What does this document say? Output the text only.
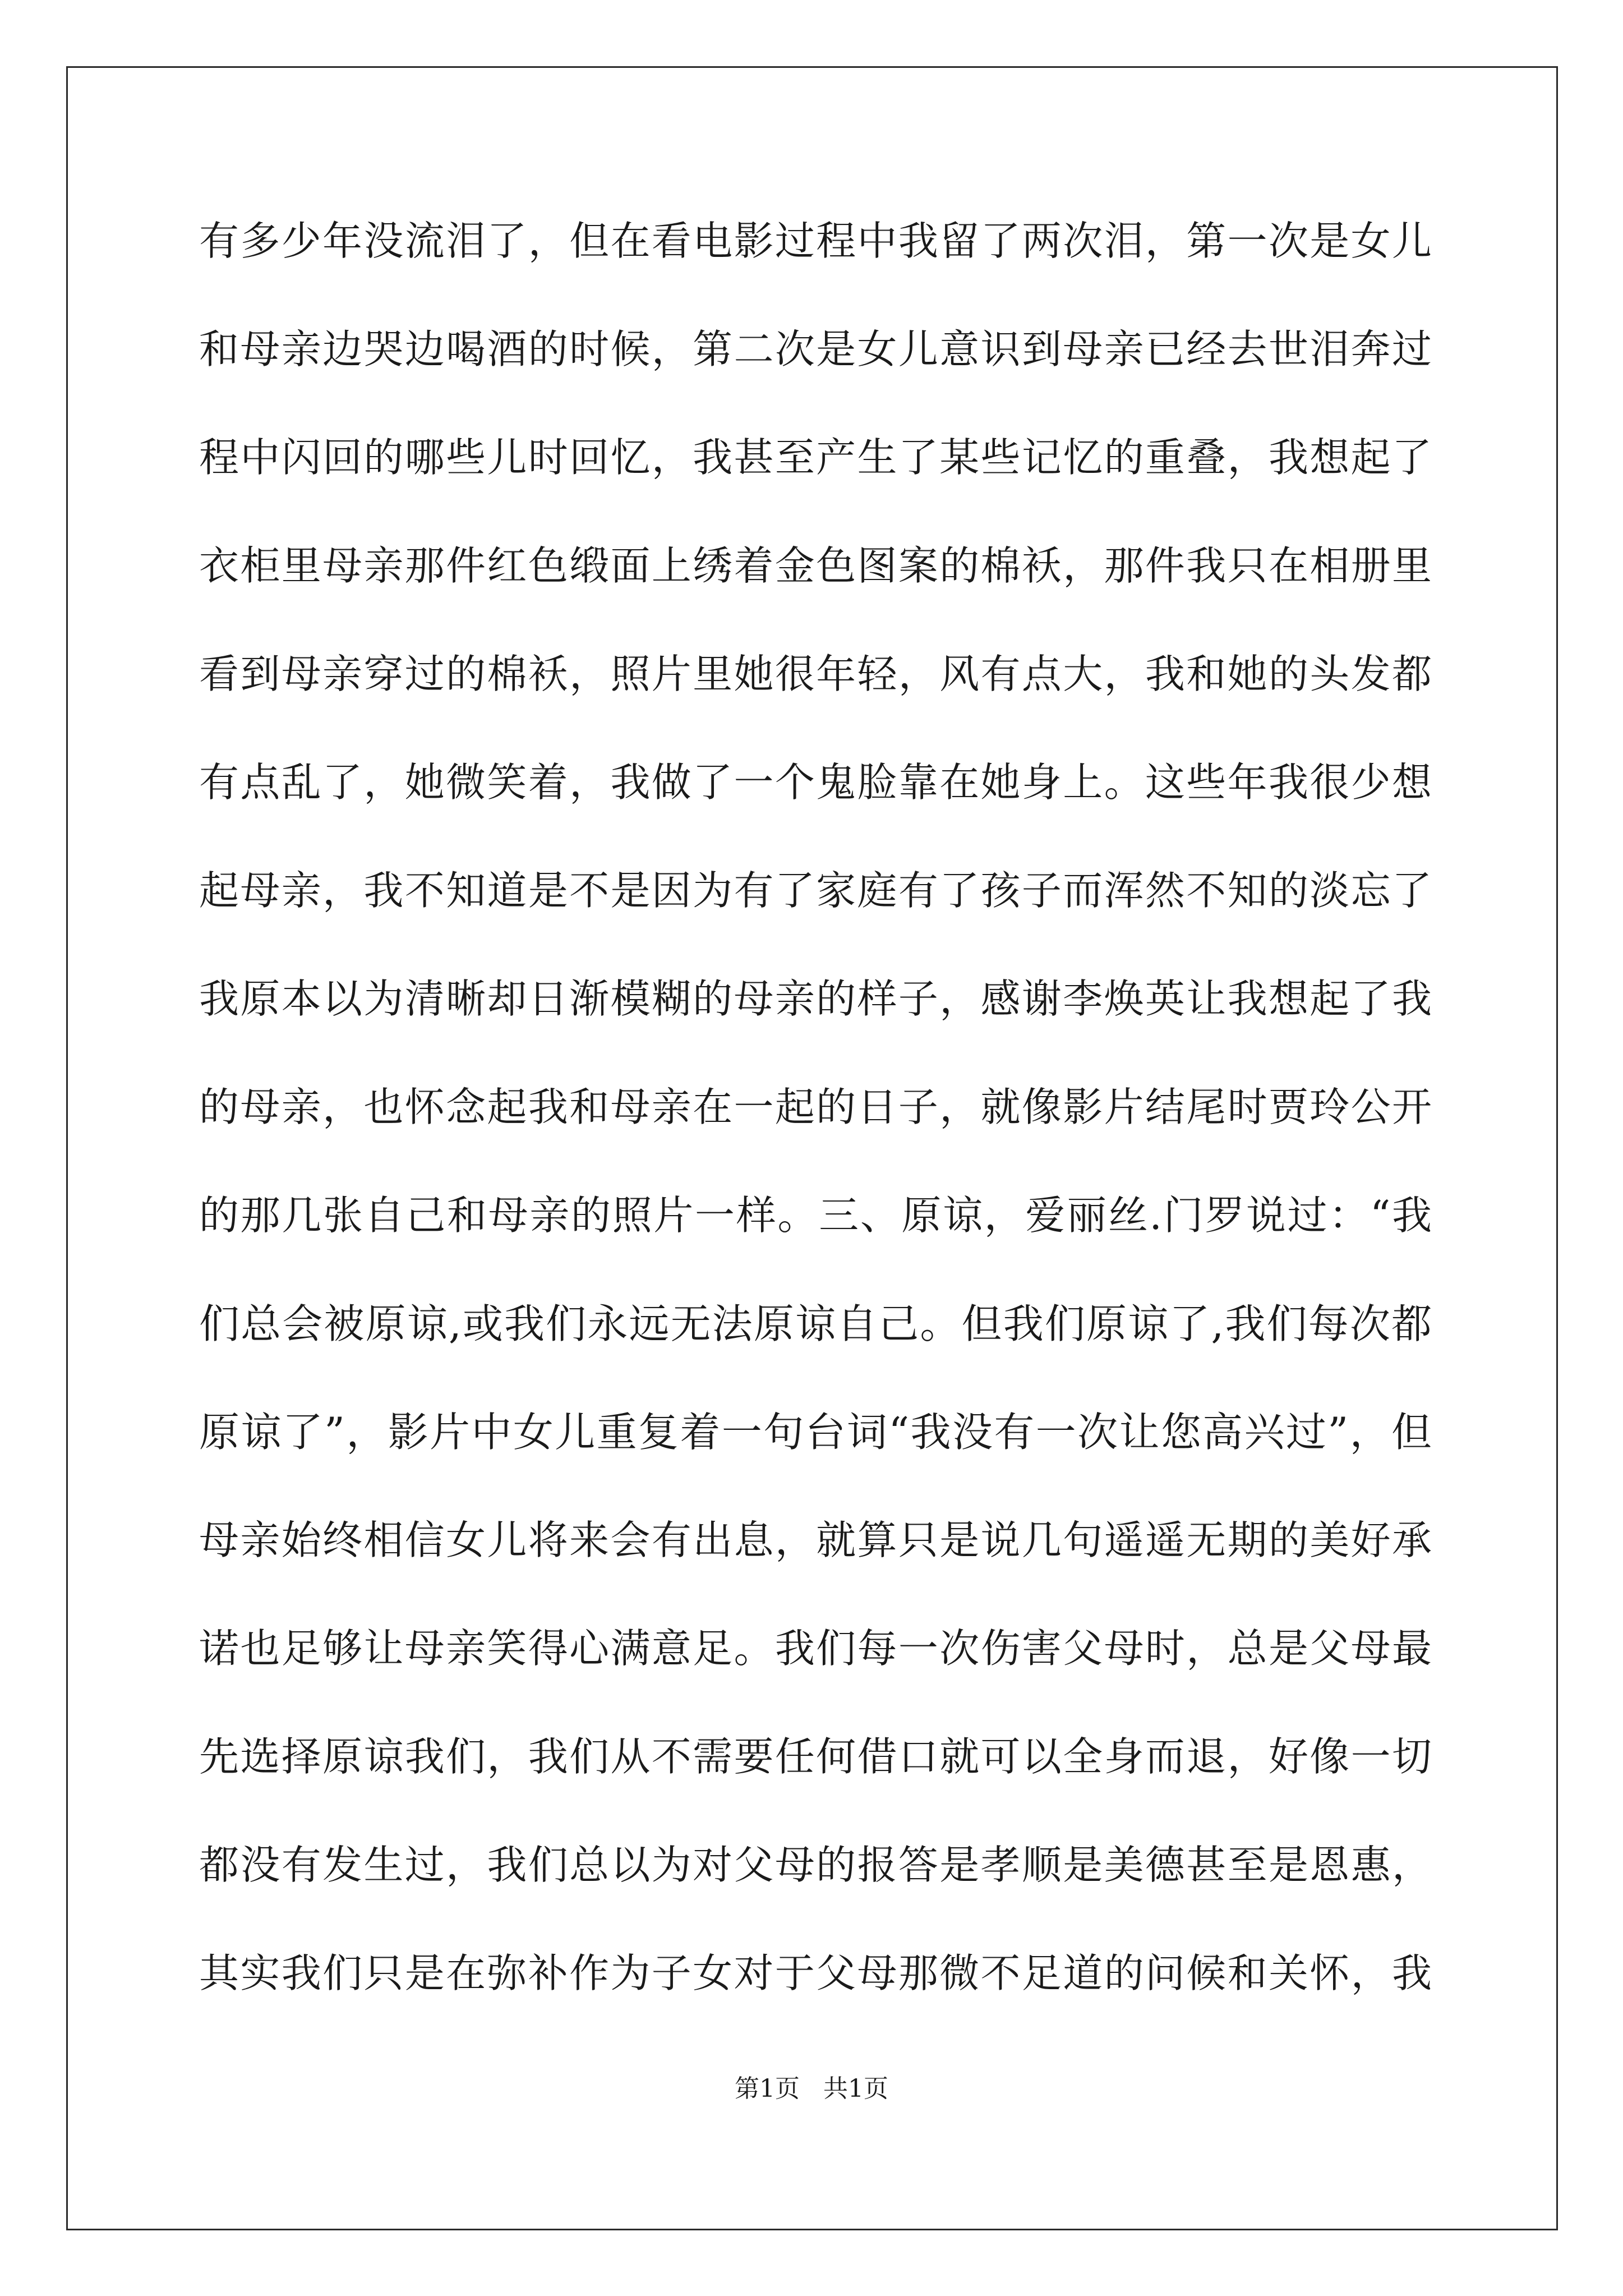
有多少年没流泪了，但在看电影过程中我留了两次泪，第一次是女儿
和母亲边哭边喝酒的时候，第二次是女儿意识到母亲已经去世泪奔过
程中闪回的哪些儿时回忆，我甚至产生了某些记忆的重叠，我想起了
衣柜里母亲那件红色缎面上绣着金色图案的棉袄，那件我只在相册里
看到母亲穿过的棉袄，照片里她很年轻，风有点大，我和她的头发都
有点乱了，她微笑着，我做了一个鬼脸靠在她身上。这些年我很少想
起母亲，我不知道是不是因为有了家庭有了孩子而浑然不知的淡忘了
我原本以为清晰却日渐模糊的母亲的样子，感谢李焕英让我想起了我
的母亲，也怀念起我和母亲在一起的日子，就像影片结尾时贾玲公开
的那几张自己和母亲的照片一样。三、原谅，爱丽丝.门罗说过：“我
们总会被原谅,或我们永远无法原谅自己。但我们原谅了,我们每次都
原谅了”，影片中女儿重复着一句台词“我没有一次让您高兴过”，但
母亲始终相信女儿将来会有出息，就算只是说几句遥遥无期的美好承
诺也足够让母亲笑得心满意足。我们每一次伤害父母时，总是父母最
先选择原谅我们，我们从不需要任何借口就可以全身而退，好像一切
都没有发生过，我们总以为对父母的报答是孝顺是美德甚至是恩惠，
其实我们只是在弥补作为子女对于父母那微不足道的问候和关怀，我
第1页   共1页
